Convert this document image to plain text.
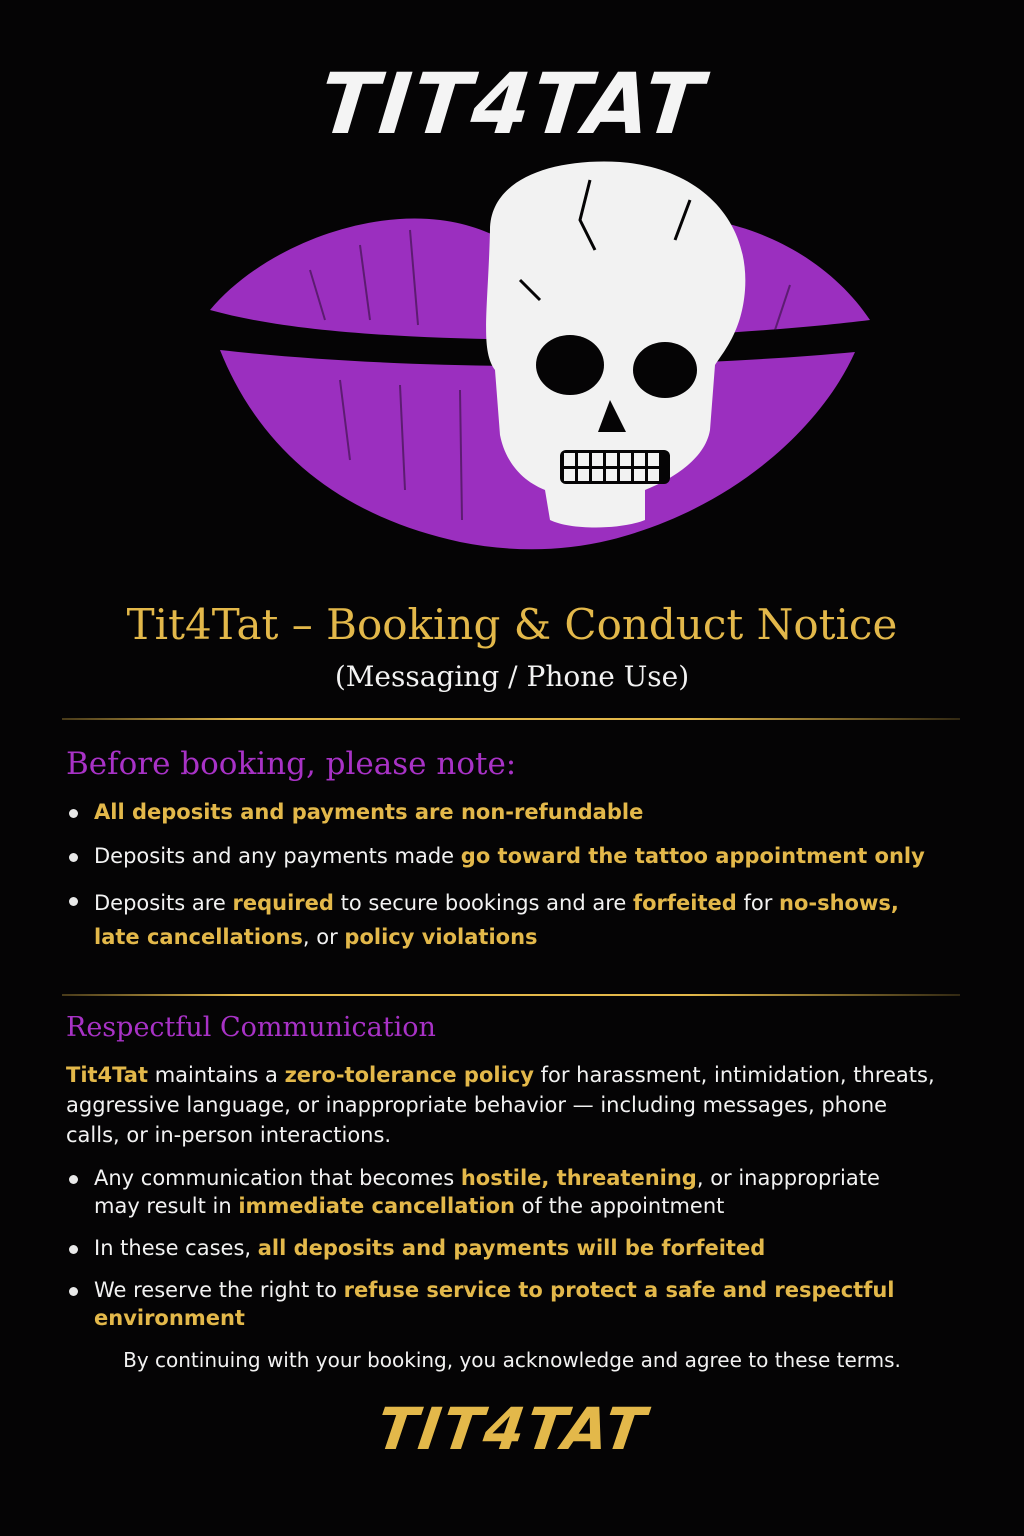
TIT4TAT
Tit4Tat – Booking & Conduct Notice
(Messaging / Phone Use)
Before booking, please note:
All deposits and payments are non-refundable
Deposits and any payments made go toward the tattoo appointment only
Deposits are required to secure bookings and are forfeited for no-shows, late cancellations, or policy violations
Respectful Communication

Tit4Tat maintains a zero-tolerance policy for harassment, intimidation, threats, aggressive language, or inappropriate behavior — including messages, phone calls, or in-person interactions.

Any communication that becomes hostile, threatening, or inappropriate may result in immediate cancellation of the appointment
In these cases, all deposits and payments will be forfeited
We reserve the right to refuse service to protect a safe and respectful environment
By continuing with your booking, you acknowledge and agree to these terms.
TIT4TAT
